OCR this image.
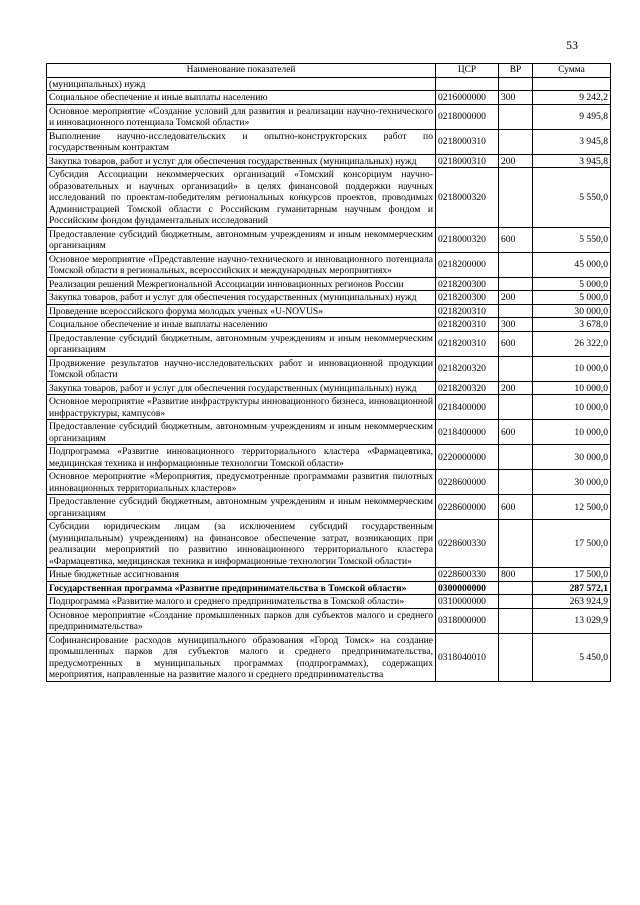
53
Наименование показателей	ЦСР	ВР	Сумма
(муниципальных) нужд			
Социальное обеспечение и иные выплаты населению	0216000000	300	9 242,2
Основное мероприятие «Создание условий для развития и реализации научно-технического и инновационного потенциала Томской области»	0218000000		9 495,8
Выполнение научно-исследовательских и опытно-конструкторских работ по государственным контрактам	0218000310		3 945,8
Закупка товаров, работ и услуг для обеспечения государственных (муниципальных) нужд	0218000310	200	3 945,8
Субсидия Ассоциации некоммерческих организаций «Томский консорциум научно-образовательных и научных организаций» в целях финансовой поддержки научных исследований по проектам-победителям региональных конкурсов проектов, проводимых Администрацией Томской области с Российским гуманитарным научным фондом и Российским фондом фундаментальных исследований	0218000320		5 550,0
Предоставление субсидий бюджетным, автономным учреждениям и иным некоммерческим организациям	0218000320	600	5 550,0
Основное мероприятие «Представление научно-технического и инновационного потенциала Томской области в региональных, всероссийских и международных мероприятиях»	0218200000		45 000,0
Реализация решений Межрегиональной Ассоциации инновационных регионов России	0218200300		5 000,0
Закупка товаров, работ и услуг для обеспечения государственных (муниципальных) нужд	0218200300	200	5 000,0
Проведение всероссийского форума молодых ученых «U-NOVUS»	0218200310		30 000,0
Социальное обеспечение и иные выплаты населению	0218200310	300	3 678,0
Предоставление субсидий бюджетным, автономным учреждениям и иным некоммерческим организациям	0218200310	600	26 322,0
Продвижение результатов научно-исследовательских работ и инновационной продукции Томской области	0218200320		10 000,0
Закупка товаров, работ и услуг для обеспечения государственных (муниципальных) нужд	0218200320	200	10 000,0
Основное мероприятие «Развитие инфраструктуры инновационного бизнеса, инновационной инфраструктуры, кампусов»	0218400000		10 000,0
Предоставление субсидий бюджетным, автономным учреждениям и иным некоммерческим организациям	0218400000	600	10 000,0
Подпрограмма «Развитие инновационного территориального кластера «Фармацевтика, медицинская техника и информационные технологии Томской области»	0220000000		30 000,0
Основное мероприятие «Мероприятия, предусмотренные программами развития пилотных инновационных территориальных кластеров»	0228600000		30 000,0
Предоставление субсидий бюджетным, автономным учреждениям и иным некоммерческим организациям	0228600000	600	12 500,0
Субсидии юридическим лицам (за исключением субсидий государственным (муниципальным) учреждениям) на финансовое обеспечение затрат, возникающих при реализации мероприятий по развитию инновационного территориального кластера «Фармацевтика, медицинская техника и информационные технологии Томской области»	0228600330		17 500,0
Иные бюджетные ассигнования	0228600330	800	17 500,0
Государственная программа «Развитие предпринимательства в Томской области»	0300000000		287 572,1
Подпрограмма «Развитие малого и среднего предпринимательства в Томской области»	0310000000		263 924,9
Основное мероприятие «Создание промышленных парков для субъектов малого и среднего предпринимательства»	0318000000		13 029,9
Софинансирование расходов муниципального образования «Город Томск» на создание промышленных парков для субъектов малого и среднего предпринимательства, предусмотренных в муниципальных программах (подпрограммах), содержащих мероприятия, направленные на развитие малого и среднего предпринимательства	0318040010		5 450,0
